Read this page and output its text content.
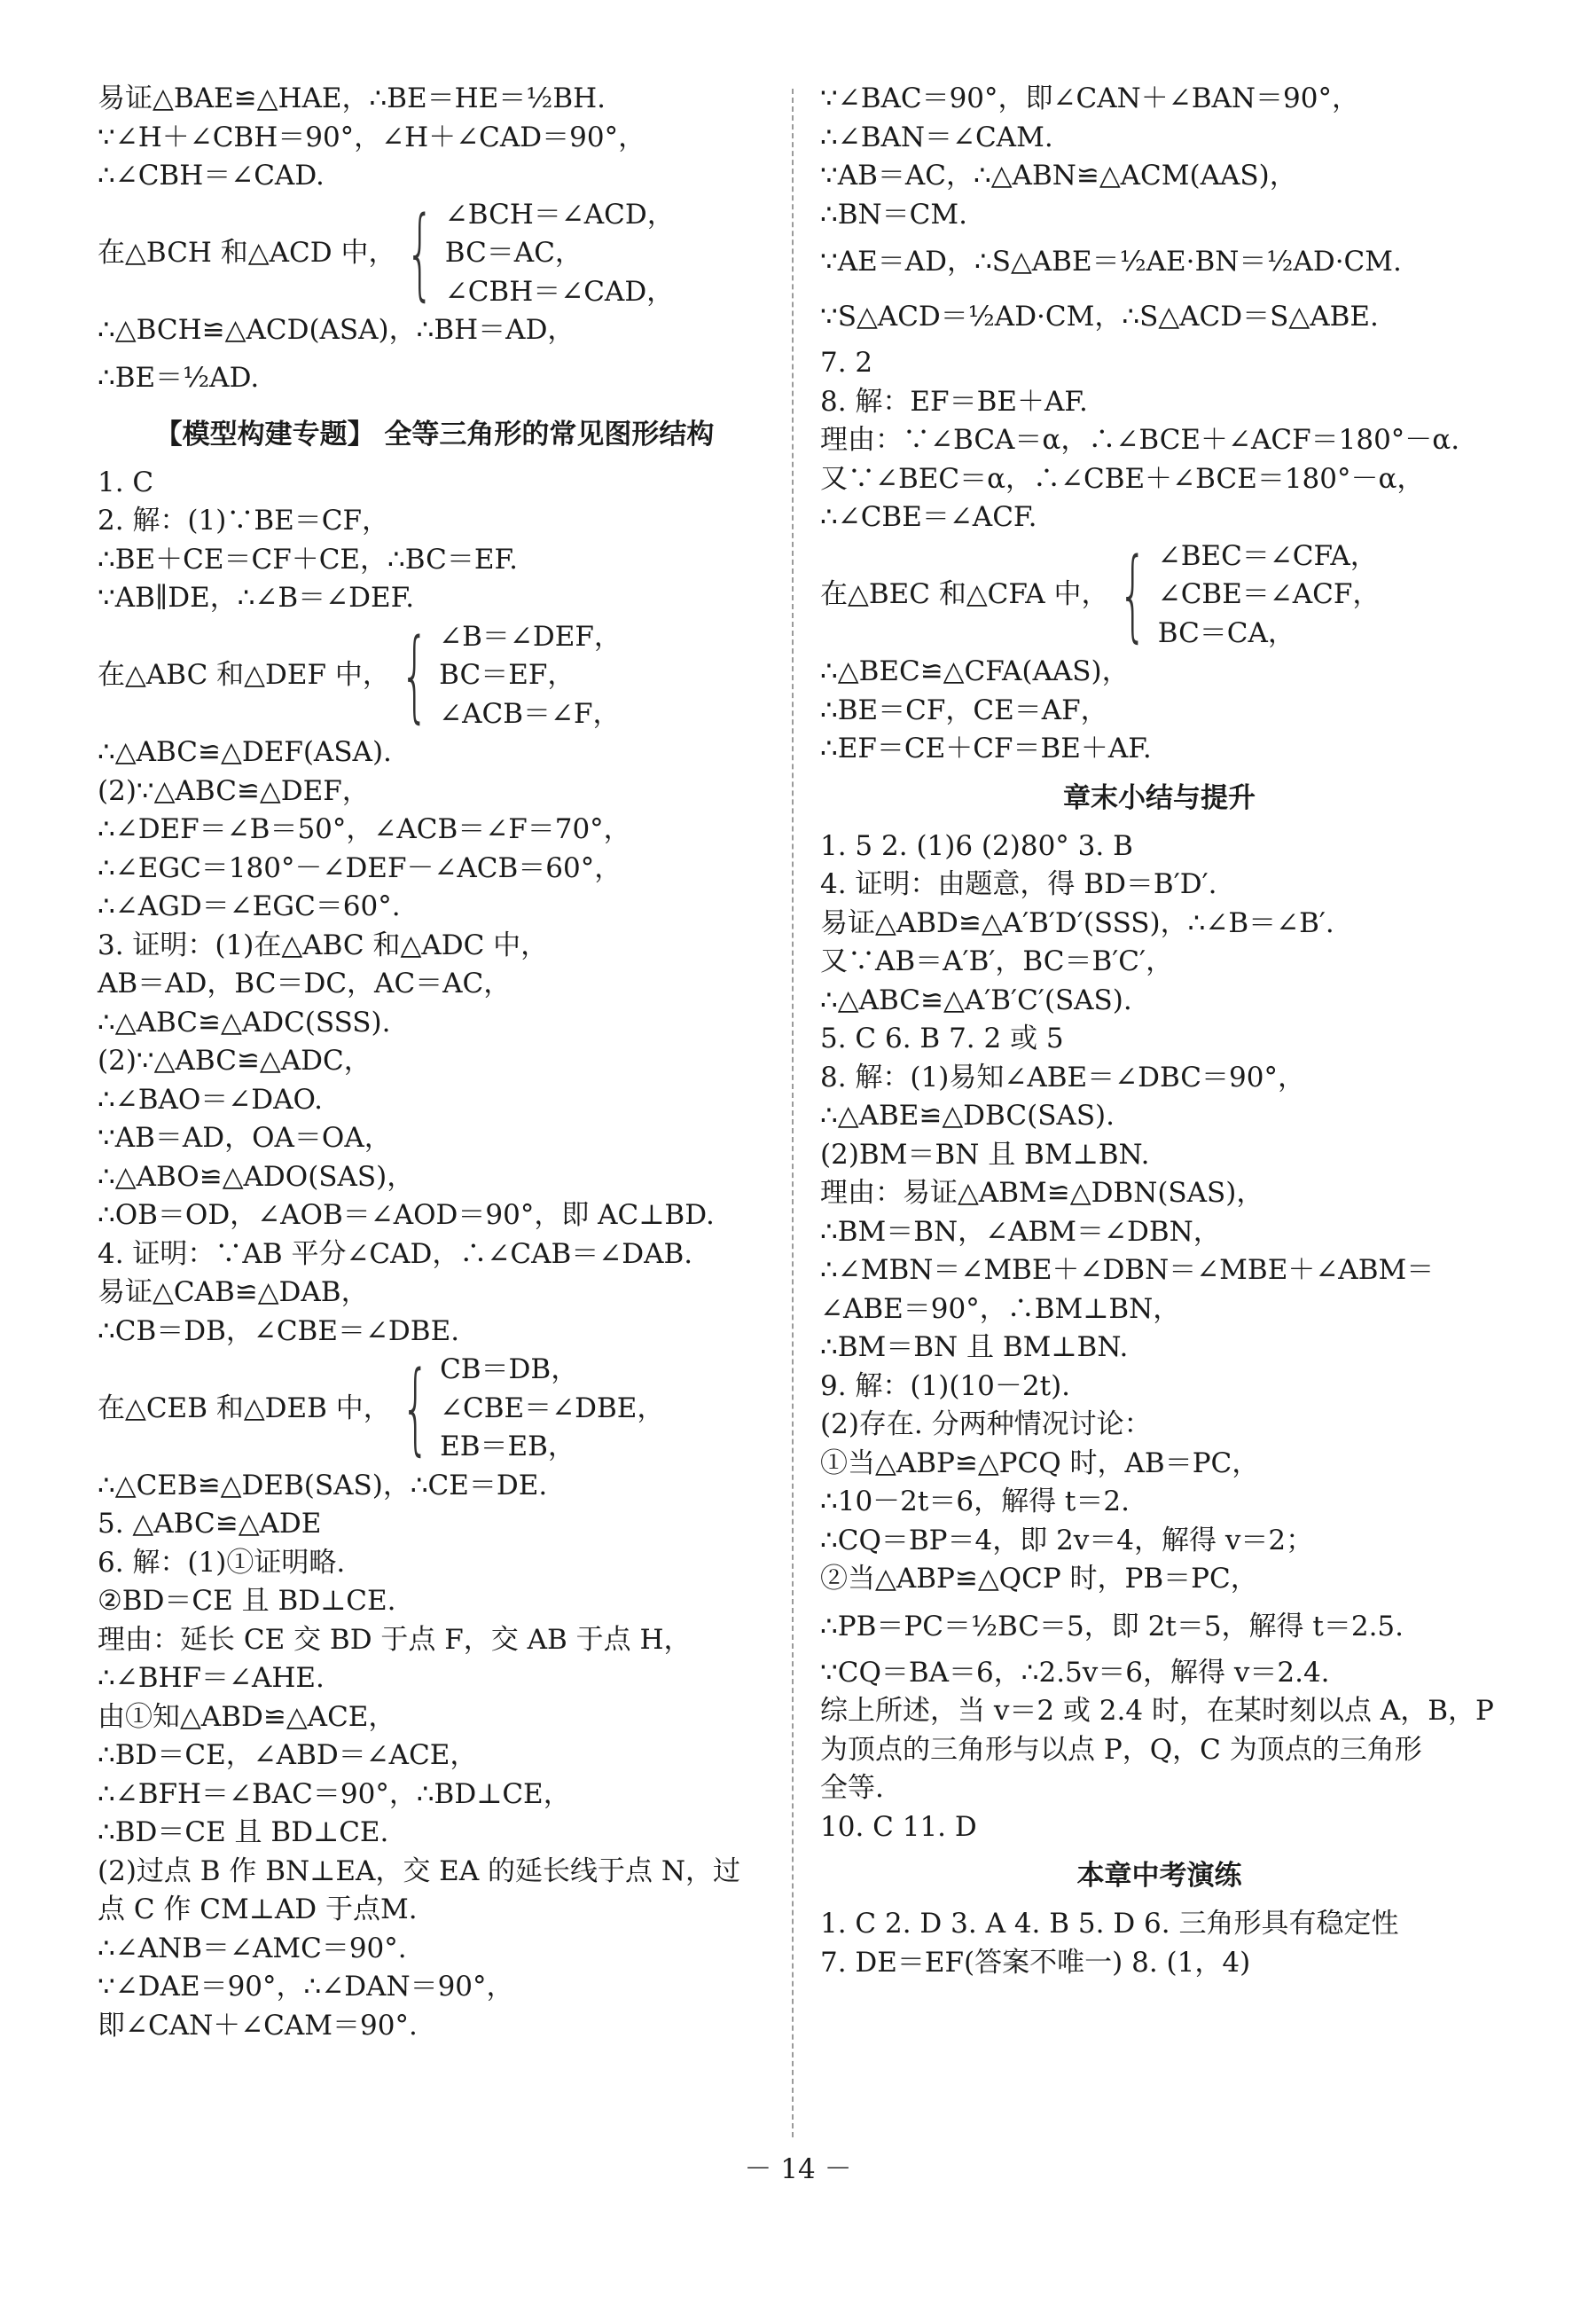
易证△BAE≌△HAE，∴BE＝HE＝½BH.
∵∠H＋∠CBH＝90°，∠H＋∠CAD＝90°，
∴∠CBH＝∠CAD.
在△BCH 和△ACD 中， { ∠BCH＝∠ACD，
BC＝AC，
∠CBH＝∠CAD，
∴△BCH≌△ACD(ASA)，∴BH＝AD，
∴BE＝½AD.
【模型构建专题】 全等三角形的常见图形结构
1. C
2. 解：(1)∵BE＝CF，
∴BE＋CE＝CF＋CE，∴BC＝EF.
∵AB∥DE，∴∠B＝∠DEF.
在△ABC 和△DEF 中， { ∠B＝∠DEF，
BC＝EF，
∠ACB＝∠F，
∴△ABC≌△DEF(ASA).
(2)∵△ABC≌△DEF，
∴∠DEF＝∠B＝50°，∠ACB＝∠F＝70°，
∴∠EGC＝180°－∠DEF－∠ACB＝60°，
∴∠AGD＝∠EGC＝60°.
3. 证明：(1)在△ABC 和△ADC 中，
AB＝AD，BC＝DC，AC＝AC，
∴△ABC≌△ADC(SSS).
(2)∵△ABC≌△ADC，
∴∠BAO＝∠DAO.
∵AB＝AD，OA＝OA，
∴△ABO≌△ADO(SAS)，
∴OB＝OD，∠AOB＝∠AOD＝90°，即 AC⊥BD.
4. 证明：∵AB 平分∠CAD，∴∠CAB＝∠DAB.
易证△CAB≌△DAB，
∴CB＝DB，∠CBE＝∠DBE.
在△CEB 和△DEB 中， { CB＝DB，
∠CBE＝∠DBE，
EB＝EB，
∴△CEB≌△DEB(SAS)，∴CE＝DE.
5. △ABC≌△ADE
6. 解：(1)①证明略.
②BD＝CE 且 BD⊥CE.
理由：延长 CE 交 BD 于点 F，交 AB 于点 H，
∴∠BHF＝∠AHE.
由①知△ABD≌△ACE，
∴BD＝CE，∠ABD＝∠ACE，
∴∠BFH＝∠BAC＝90°，∴BD⊥CE，
∴BD＝CE 且 BD⊥CE.
(2)过点 B 作 BN⊥EA，交 EA 的延长线于点 N，过
点 C 作 CM⊥AD 于点M.
∴∠ANB＝∠AMC＝90°.
∵∠DAE＝90°，∴∠DAN＝90°，
即∠CAN＋∠CAM＝90°.
∵∠BAC＝90°，即∠CAN＋∠BAN＝90°，
∴∠BAN＝∠CAM.
∵AB＝AC，∴△ABN≌△ACM(AAS)，
∴BN＝CM.
∵AE＝AD，∴S△ABE＝½AE·BN＝½AD·CM.
∵S△ACD＝½AD·CM，∴S△ACD＝S△ABE.
7. 2
8. 解：EF＝BE＋AF.
理由：∵∠BCA＝α，∴∠BCE＋∠ACF＝180°－α.
又∵∠BEC＝α，∴∠CBE＋∠BCE＝180°－α，
∴∠CBE＝∠ACF.
在△BEC 和△CFA 中， { ∠BEC＝∠CFA，
∠CBE＝∠ACF，
BC＝CA，
∴△BEC≌△CFA(AAS)，
∴BE＝CF，CE＝AF，
∴EF＝CE＋CF＝BE＋AF.
章末小结与提升
1. 5 2. (1)6 (2)80° 3. B
4. 证明：由题意，得 BD＝B′D′.
易证△ABD≌△A′B′D′(SSS)，∴∠B＝∠B′.
又∵AB＝A′B′，BC＝B′C′，
∴△ABC≌△A′B′C′(SAS).
5. C 6. B 7. 2 或 5
8. 解：(1)易知∠ABE＝∠DBC＝90°，
∴△ABE≌△DBC(SAS).
(2)BM＝BN 且 BM⊥BN.
理由：易证△ABM≌△DBN(SAS)，
∴BM＝BN，∠ABM＝∠DBN，
∴∠MBN＝∠MBE＋∠DBN＝∠MBE＋∠ABM＝
∠ABE＝90°，∴BM⊥BN，
∴BM＝BN 且 BM⊥BN.
9. 解：(1)(10－2t).
(2)存在. 分两种情况讨论：
①当△ABP≌△PCQ 时，AB＝PC，
∴10－2t＝6，解得 t＝2.
∴CQ＝BP＝4，即 2v＝4，解得 v＝2；
②当△ABP≌△QCP 时，PB＝PC，
∴PB＝PC＝½BC＝5，即 2t＝5，解得 t＝2.5.
∵CQ＝BA＝6，∴2.5v＝6，解得 v＝2.4.
综上所述，当 v＝2 或 2.4 时，在某时刻以点 A，B，P
为顶点的三角形与以点 P，Q，C 为顶点的三角形
全等.
10. C 11. D
本章中考演练
1. C 2. D 3. A 4. B 5. D 6. 三角形具有稳定性
7. DE＝EF(答案不唯一) 8. (1，4)
－ 14 －
